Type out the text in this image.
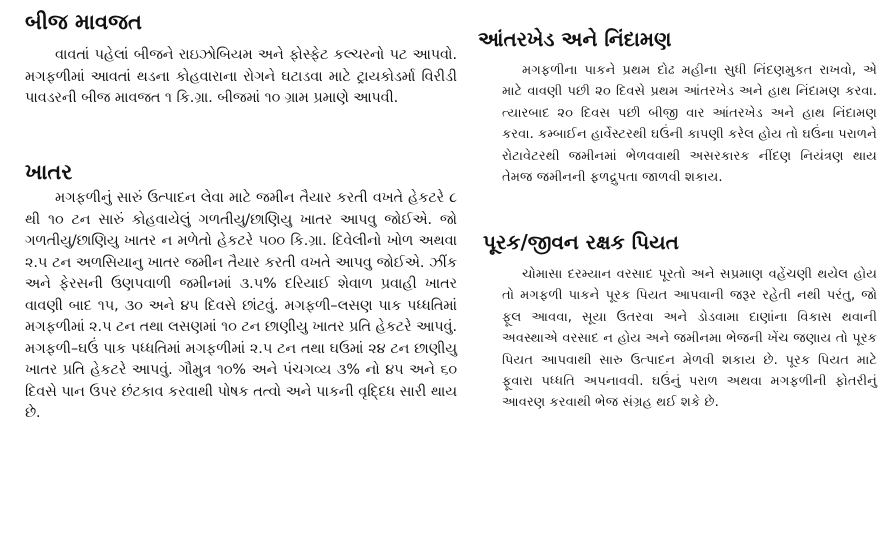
બીજ માવજત

વાવતાં પહેલાં બીજને રાઇઝોબિયમ અને ફોસ્ફેટ કલ્ચરનો પટ આપવો. મગફળીમાં આવતાં થડના કોહવારાના રોગને ઘટાડવા માટે ટ્રાયકોડર્મા વિરીડી પાવડરની બીજ માવજત ૧ કિ.ગ્રા. બીજમાં ૧૦ ગ્રામ પ્રમાણે આપવી.

ખાતર

મગફળીનું સારું ઉત્પાદન લેવા માટે જમીન તૈયાર કરતી વખતે હેકટરે ૮ થી ૧૦ ટન સારું કોહવાયેલું ગળતીયુ/છાણિયુ ખાતર આપવુ જોઈએ. જો ગળતીયુ/છાણિયુ ખાતર ન મળેતો હેકટરે ૫૦૦ કિ.ગ્રા. દિવેલીનો ખોળ અથવા ૨.૫ ટન અળસિયાનુ ખાતર જમીન તૈયાર કરતી વખતે આપવુ જોઈએ. ઝીંક અને ફેરસની ઉણપવાળી જમીનમાં ૩.૫% દરિયાઈ શેવાળ પ્રવાહી ખાતર વાવણી બાદ ૧૫, ૩૦ અને ૪૫ દિવસે છાંટવું. મગફળી–લસણ પાક પધ્ધતિમાં મગફળીમાં ૨.૫ ટન તથા લસણમાં ૧૦ ટન છાણીયુ ખાતર પ્રતિ હેકટરે આપવું. મગફળી–ઘઉં પાક પધ્ધતિમાં મગફળીમાં ૨.૫ ટન તથા ઘઉમાં ૨૪ ટન છાણીયુ ખાતર પ્રતિ હેકટરે આપવું. ગૌમુત્ર ૧૦% અને પંચગવ્ય ૩% નો ૪૫ અને ૬૦ દિવસે પાન ઉપર છંટકાવ કરવાથી પોષક તત્વો અને પાકની વૃદ્દિધ સારી થાય છે.

આંતરખેડ અને નિંદામણ

મગફળીના પાકને પ્રથમ દોઢ મહીના સુધી નિંદણમુકત રાખવો, એ માટે વાવણી પછી ૨૦ દિવસે પ્રથમ આંતરખેડ અને હાથ નિંદામણ કરવા. ત્યારબાદ ૨૦ દિવસ પછી બીજી વાર આંતરખેડ અને હાથ નિંદામણ કરવા. કમ્બાઈન હાર્વેસ્ટરથી ઘઉંની કાપણી કરેલ હોય તો ઘઉંના પરાળને રોટાવેટરથી જમીનમાં ભેળવવાથી અસરકારક નીંદણ નિયંત્રણ થાય તેમજ જમીનની ફળદ્રુપતા જાળવી શકાય.

પૂરક/જીવન રક્ષક પિયત

ચોમાસા દરમ્યાન વરસાદ પૂરતો અને સપ્રમાણ વહેંચણી થયેલ હોય તો મગફળી પાકને પૂરક પિયત આપવાની જરૂર રહેતી નથી પરંતુ, જો ફૂલ આવવા, સૂયા ઉતરવા અને ડોડવામા દાણાંના વિકાસ થવાની અવસ્થાએ વરસાદ ન હોય અને જમીનમા ભેજની ખેંચ જણાય તો પૂરક પિયત આપવાથી સારુ ઉત્પાદન મેળવી શકાય છે. પૂરક પિયત માટે ફૂવારા પધ્ધતિ અપનાવવી. ઘઉંનું પરાળ અથવા મગફળીની ફોતરીનું આવરણ કરવાથી ભેજ સંગ્રહ થઈ શકે છે.
